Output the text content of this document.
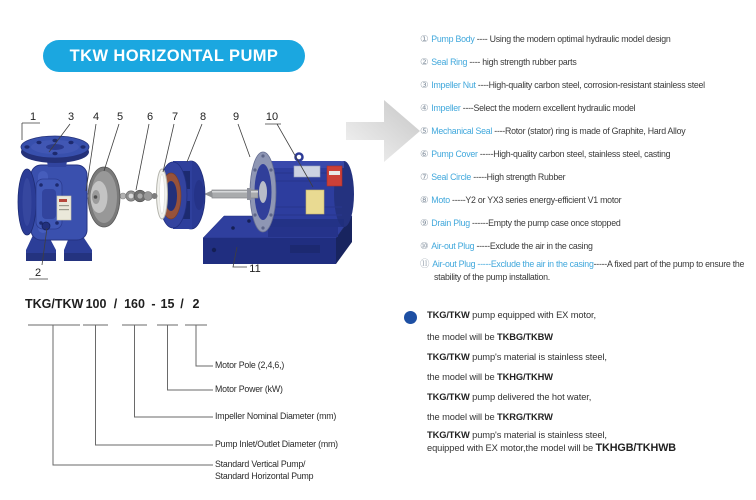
TKW HORIZONTAL PUMP
1	3 4 5 6 7 8 9 10
2	11
① Pump Body ---- Using the modern optimal hydraulic model design
② Seal Ring ---- high strength rubber parts
③ Impeller Nut ----High-quality carbon steel, corrosion-resistant stainless steel
④ Impeller ----Select the modern excellent hydraulic model
⑤ Mechanical Seal ----Rotor (stator) ring is made of Graphite, Hard Alloy
⑥ Pump Cover -----High-quality carbon steel, stainless steel, casting
⑦ Seal Circle -----High strength Rubber
⑧ Moto -----Y2 or YX3 series energy-efficient V1 motor
⑨ Drain Plug ------Empty the pump case once stopped
⑩ Air-out Plug -----Exclude the air in the casing
⑪ Air-out Plug -----Exclude the air in the casing-----A fixed part of the pump to ensure the stability of the pump installation.
TKG/TKW 100 / 160 - 15 / 2
Motor Pole (2,4,6,)
Motor Power (kW)
Impeller Nominal Diameter (mm)
Pump Inlet/Outlet Diameter (mm)
Standard Vertical Pump/
Standard Horizontal Pump
TKG/TKW pump equipped with EX motor,
the model will be TKBG/TKBW
TKG/TKW pump's material is stainless steel,
the model will be TKHG/TKHW
TKG/TKW pump delivered the hot water,
the model will be TKRG/TKRW
TKG/TKW pump's material is stainless steel,
equipped with EX motor,the model will be TKHGB/TKHWB
